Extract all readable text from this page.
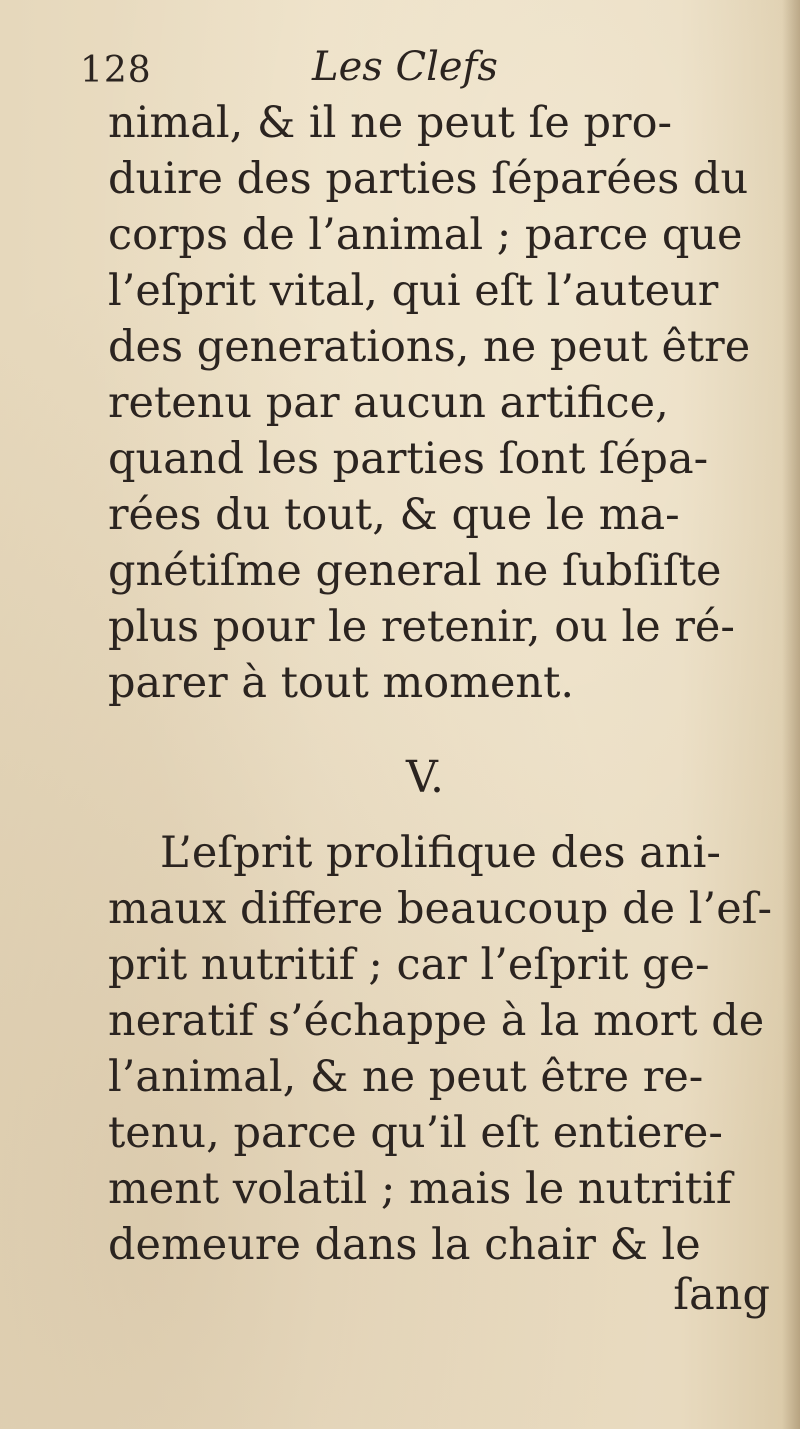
128	Les Clefs
nimal, & il ne peut ſe pro-
duire des parties ſéparées du
corps de l’animal ; parce que
l’eſprit vital, qui eſt l’auteur
des generations, ne peut être
retenu par aucun artifice,
quand les parties ſont ſépa-
rées du tout, & que le ma-
gnétiſme general ne ſubſiſte
plus pour le retenir, ou le ré-
parer à tout moment.
V.
L’eſprit prolifique des ani-
maux differe beaucoup de l’eſ-
prit nutritif ; car l’eſprit ge-
neratif s’échappe à la mort de
l’animal, & ne peut être re-
tenu, parce qu’il eſt entiere-
ment volatil ; mais le nutritif
demeure dans la chair & le
ſang
